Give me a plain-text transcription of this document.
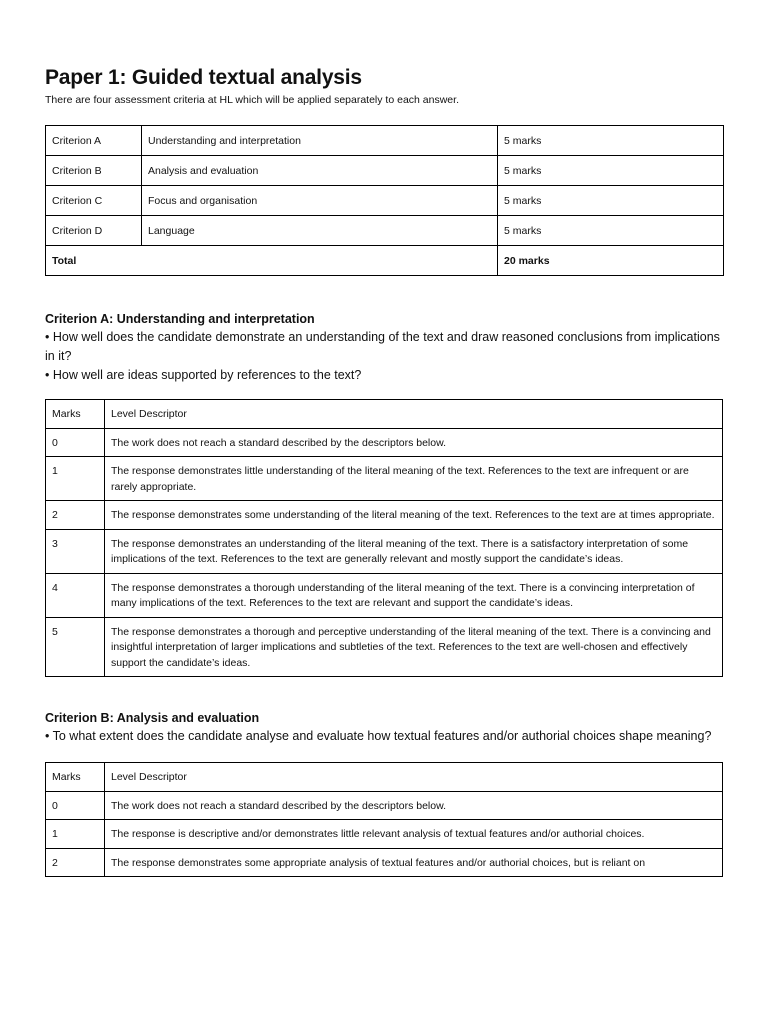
Paper 1: Guided textual analysis

There are four assessment criteria at HL which will be applied separately to each answer.

Criterion A	Understanding and interpretation	5 marks
Criterion B	Analysis and evaluation	5 marks
Criterion C	Focus and organisation	5 marks
Criterion D	Language	5 marks
Total		20 marks

Criterion A: Understanding and interpretation

• How well does the candidate demonstrate an understanding of the text and draw reasoned conclusions from implications in it?

• How well are ideas supported by references to the text?

Marks	Level Descriptor
0	The work does not reach a standard described by the descriptors below.
1	The response demonstrates little understanding of the literal meaning of the text. References to the text are infrequent or are rarely appropriate.
2	The response demonstrates some understanding of the literal meaning of the text. References to the text are at times appropriate.
3	The response demonstrates an understanding of the literal meaning of the text. There is a satisfactory interpretation of some implications of the text. References to the text are generally relevant and mostly support the candidate’s ideas.
4	The response demonstrates a thorough understanding of the literal meaning of the text. There is a convincing interpretation of many implications of the text. References to the text are relevant and support the candidate’s ideas.
5	The response demonstrates a thorough and perceptive understanding of the literal meaning of the text. There is a convincing and insightful interpretation of larger implications and subtleties of the text. References to the text are well-chosen and effectively support the candidate’s ideas.

Criterion B: Analysis and evaluation

• To what extent does the candidate analyse and evaluate how textual features and/or authorial choices shape meaning?

Marks	Level Descriptor
0	The work does not reach a standard described by the descriptors below.
1	The response is descriptive and/or demonstrates little relevant analysis of textual features and/or authorial choices.
2	The response demonstrates some appropriate analysis of textual features and/or authorial choices, but is reliant on
